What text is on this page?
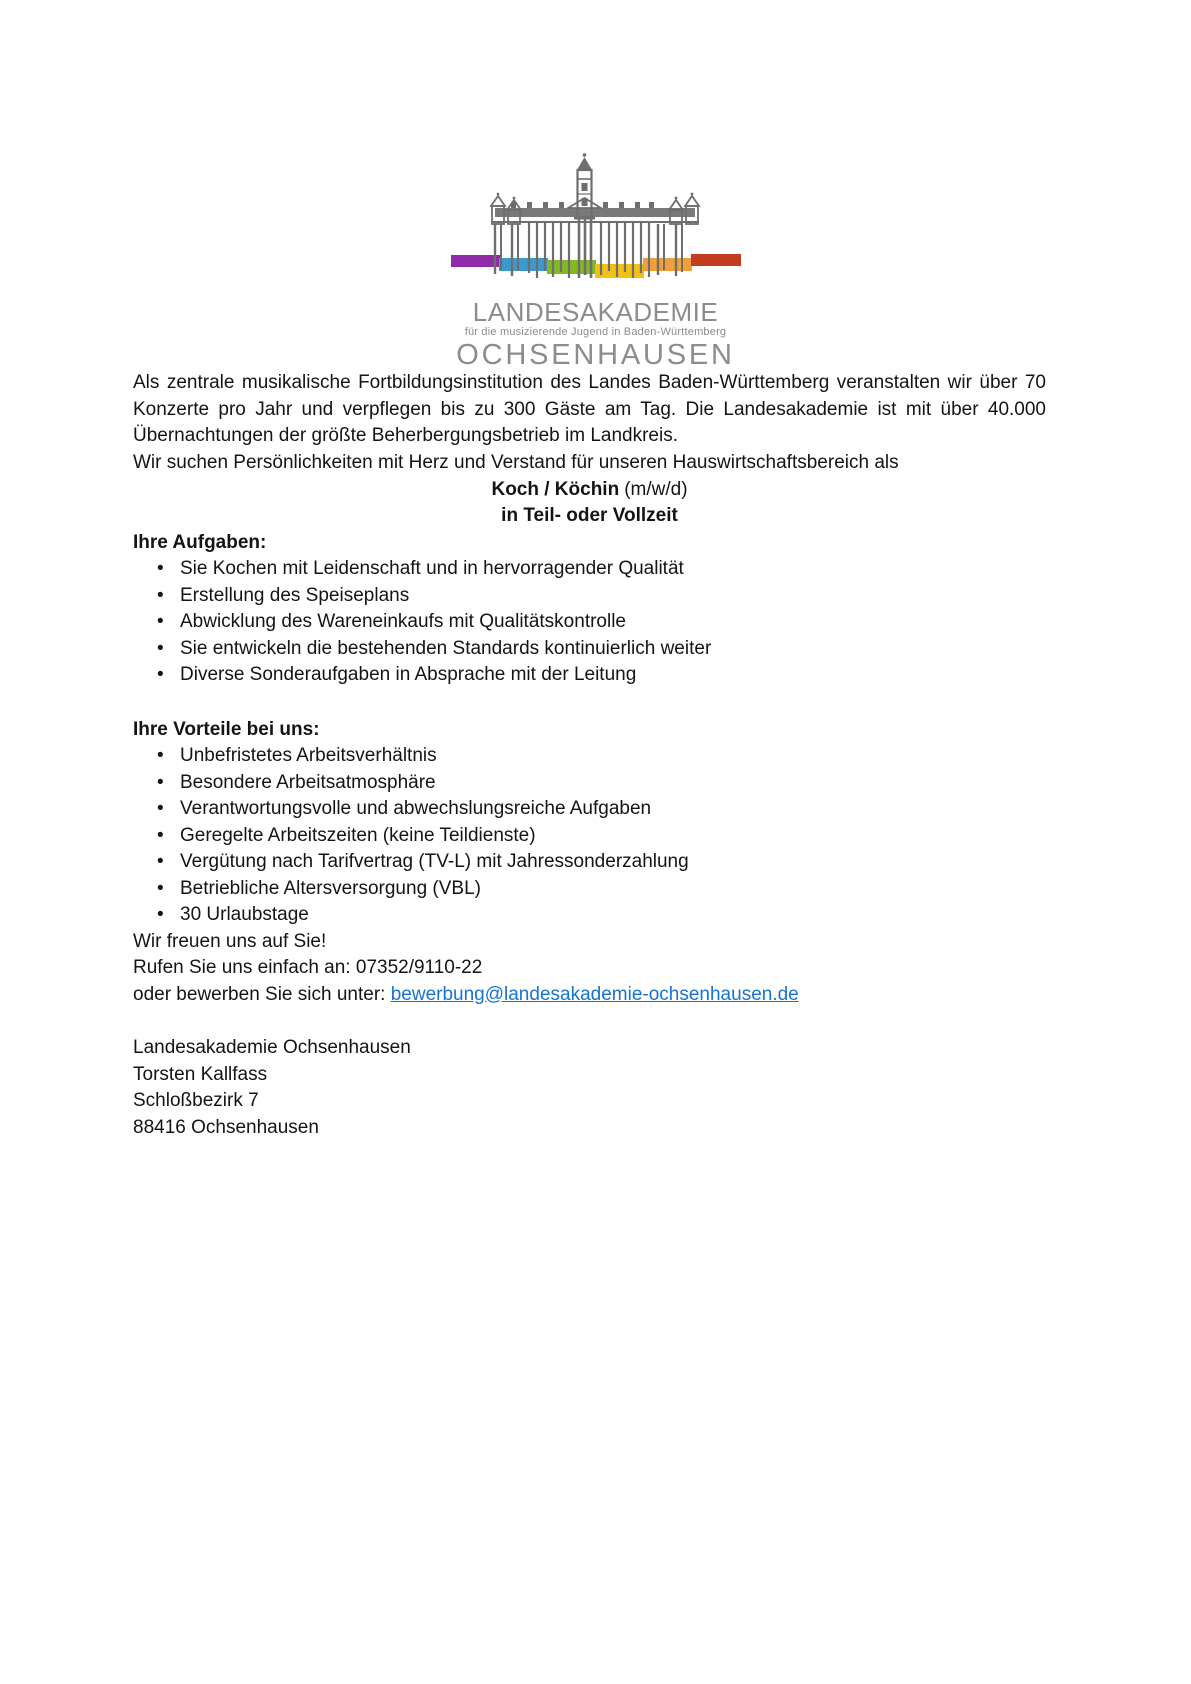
LANDESAKADEMIE
für die musizierende Jugend in Baden-Württemberg
OCHSENHAUSEN

Als zentrale musikalische Fortbildungsinstitution des Landes Baden-Württemberg veranstalten wir über 70 Konzerte pro Jahr und verpflegen bis zu 300 Gäste am Tag. Die Landesakademie ist mit über 40.000 Übernachtungen der größte Beherbergungsbetrieb im Landkreis.

Wir suchen Persönlichkeiten mit Herz und Verstand für unseren Hauswirtschaftsbereich als

Koch / Köchin (m/w/d)

in Teil- oder Vollzeit

Ihre Aufgaben:

• Sie Kochen mit Leidenschaft und in hervorragender Qualität
• Erstellung des Speiseplans
• Abwicklung des Wareneinkaufs mit Qualitätskontrolle
• Sie entwickeln die bestehenden Standards kontinuierlich weiter
• Diverse Sonderaufgaben in Absprache mit der Leitung

Ihre Vorteile bei uns:

• Unbefristetes Arbeitsverhältnis
• Besondere Arbeitsatmosphäre
• Verantwortungsvolle und abwechslungsreiche Aufgaben
• Geregelte Arbeitszeiten (keine Teildienste)
• Vergütung nach Tarifvertrag (TV-L) mit Jahressonderzahlung
• Betriebliche Altersversorgung (VBL)
• 30 Urlaubstage

Wir freuen uns auf Sie!

Rufen Sie uns einfach an: 07352/9110-22
oder bewerben Sie sich unter: bewerbung@landesakademie-ochsenhausen.de

Landesakademie Ochsenhausen
Torsten Kallfass
Schloßbezirk 7
88416 Ochsenhausen
